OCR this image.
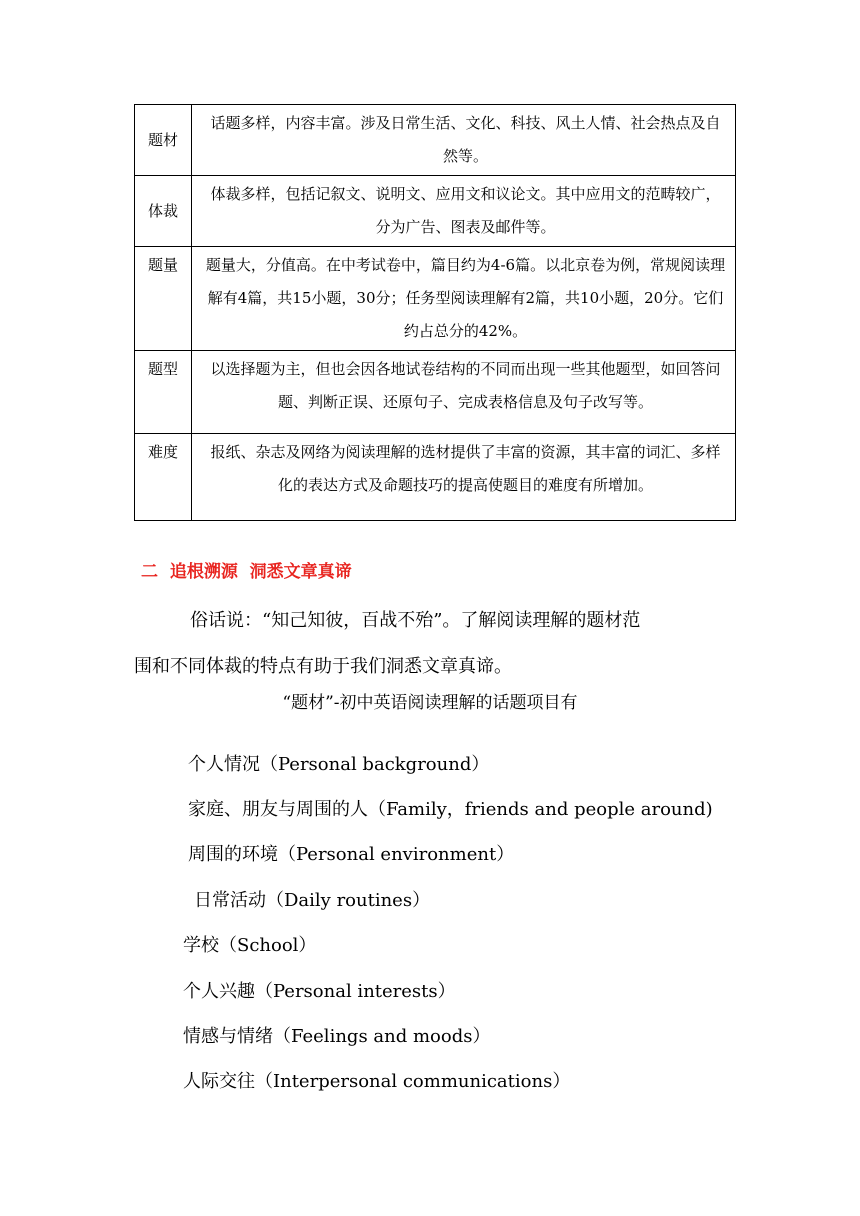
题材	话题多样，内容丰富。涉及日常生活、文化、科技、风土人情、社会热点及自然等。
体裁	体裁多样，包括记叙文、说明文、应用文和议论文。其中应用文的范畴较广，分为广告、图表及邮件等。
题量	题量大，分值高。在中考试卷中，篇目约为4-6篇。以北京卷为例，常规阅读理解有4篇，共15小题，30分；任务型阅读理解有2篇，共10小题，20分。它们约占总分的42%。
题型	以选择题为主，但也会因各地试卷结构的不同而出现一些其他题型，如回答问题、判断正误、还原句子、完成表格信息及句子改写等。
难度	报纸、杂志及网络为阅读理解的选材提供了丰富的资源，其丰富的词汇、多样化的表达方式及命题技巧的提高使题目的难度有所增加。
二  追根溯源  洞悉文章真谛
俗话说：“知己知彼，百战不殆”。了解阅读理解的题材范
围和不同体裁的特点有助于我们洞悉文章真谛。
“题材”-初中英语阅读理解的话题项目有
个人情况（Personal background）
家庭、朋友与周围的人（Family，friends and people around)
周围的环境（Personal environment）
日常活动（Daily routines）
学校（School）
个人兴趣（Personal interests）
情感与情绪（Feelings and moods）
人际交往（Interpersonal communications）
